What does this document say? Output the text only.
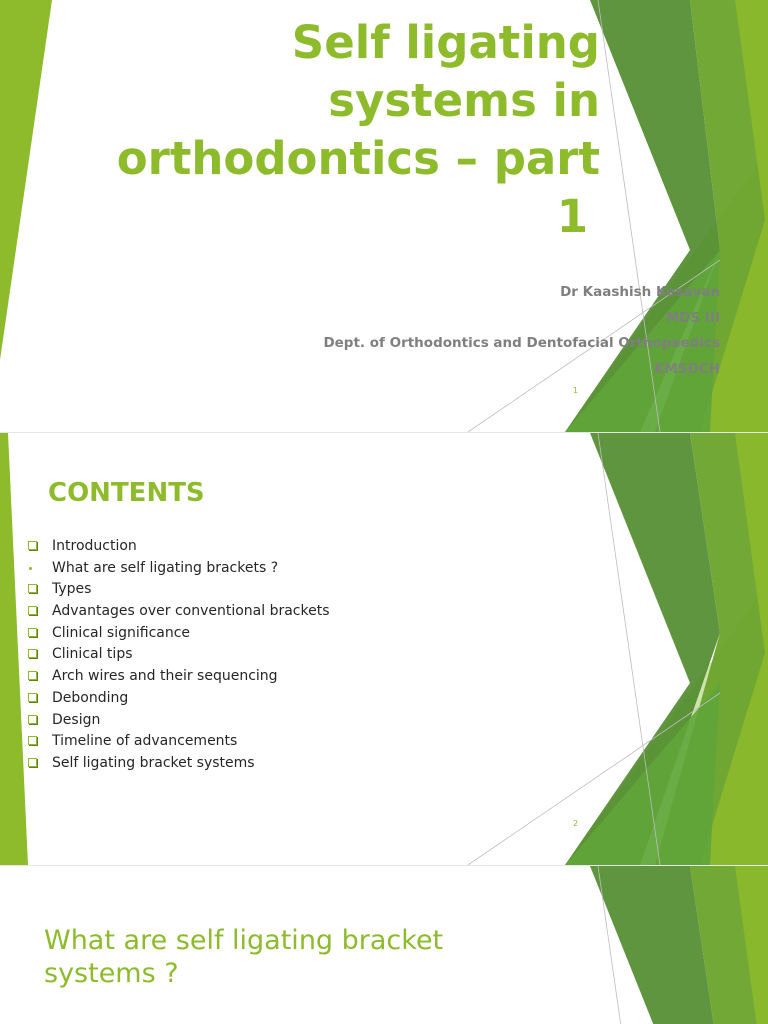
Self ligating
systems in
orthodontics – part
1
Dr Kaashish Kesavan
MDS III
Dept. of Orthodontics and Dentofacial Orthopaedics
KMSDCH
1
CONTENTS
Introduction
What are self ligating brackets ?
Types
Advantages over conventional brackets
Clinical significance
Clinical tips
Arch wires and their sequencing
Debonding
Design
Timeline of advancements
Self ligating bracket systems
2
What are self ligating bracket
systems ?
